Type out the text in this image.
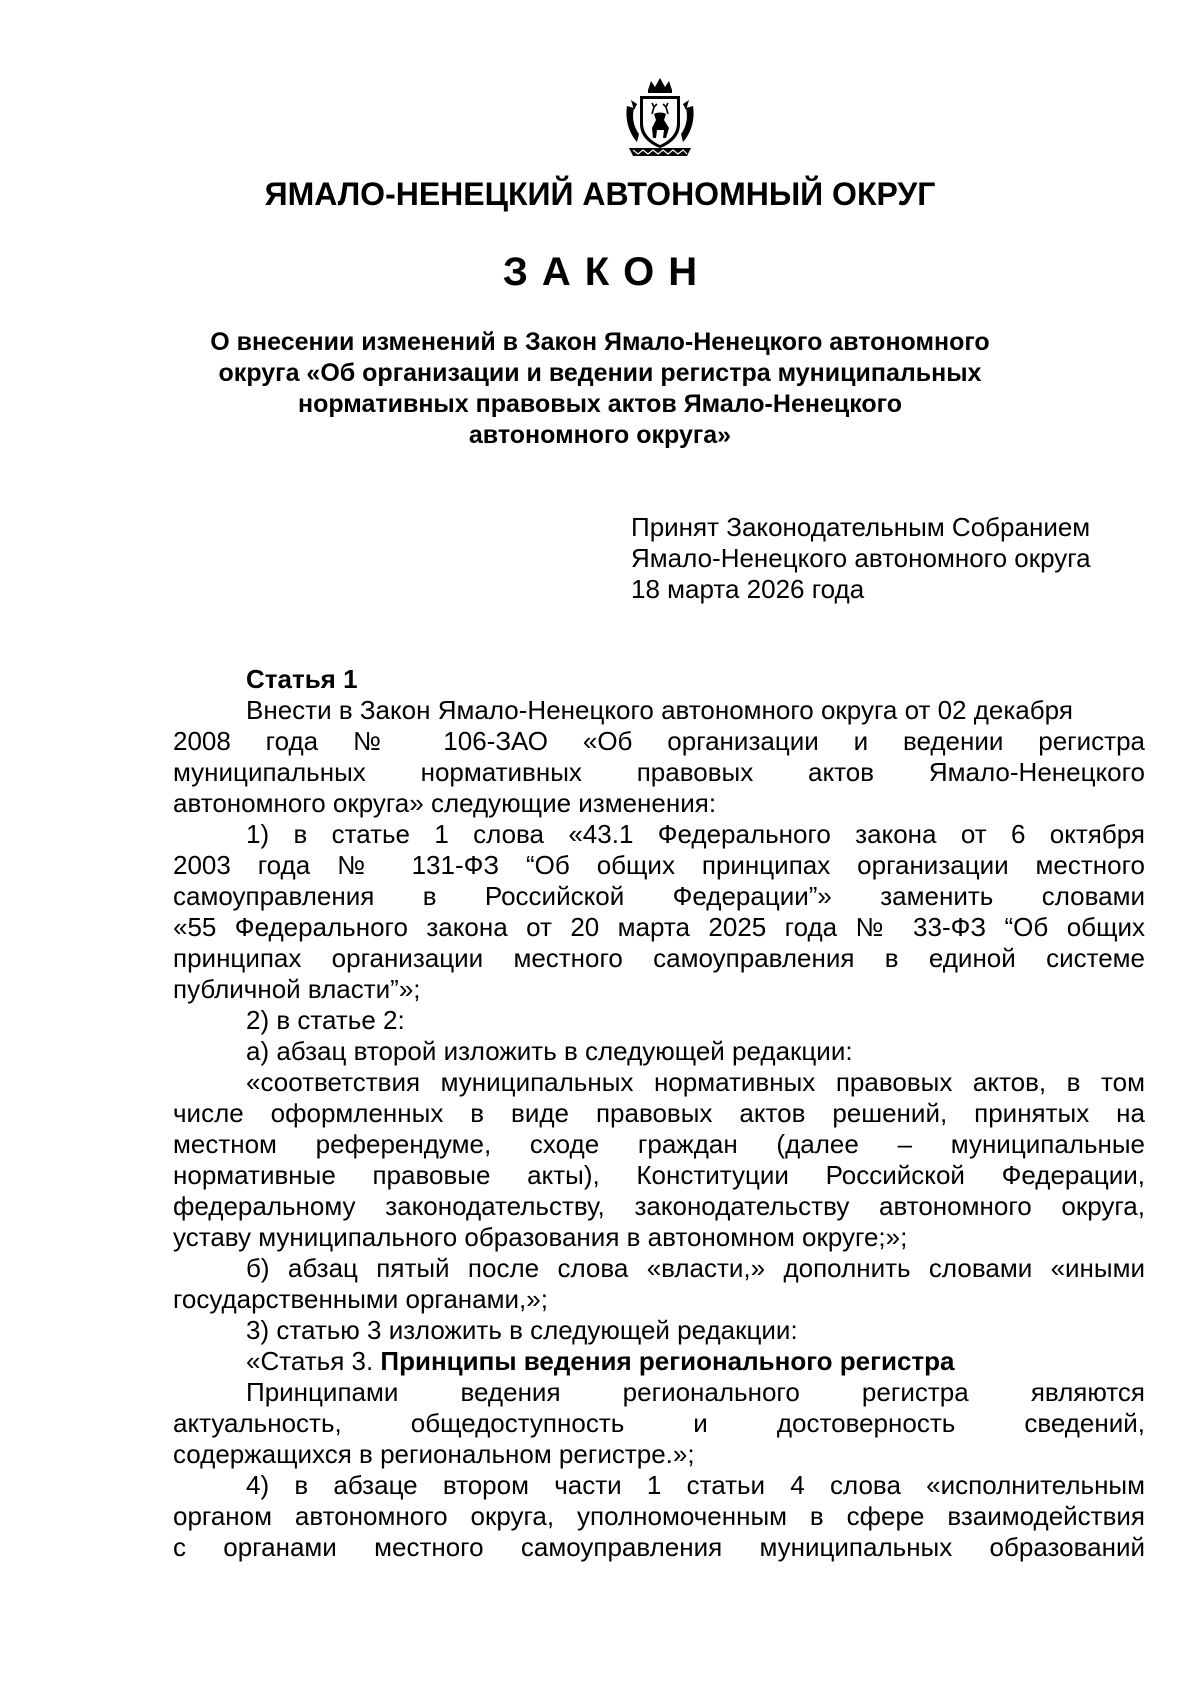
ЯМАЛО-НЕНЕЦКИЙ АВТОНОМНЫЙ ОКРУГ
ЗАКОН
О внесении изменений в Закон Ямало-Ненецкого автономного
округа «Об организации и ведении регистра муниципальных
нормативных правовых актов Ямало-Ненецкого
автономного округа»
Принят Законодательным Собранием
Ямало-Ненецкого автономного округа
18 марта 2026 года
Статья 1
Внести в Закон Ямало-Ненецкого автономного округа от 02 декабря
2008 года № 106-ЗАО «Об организации и ведении регистра
муниципальных нормативных правовых актов Ямало-Ненецкого
автономного округа» следующие изменения:
1) в статье 1 слова «43.1 Федерального закона от 6 октября
2003 года № 131-ФЗ “Об общих принципах организации местного
самоуправления в Российской Федерации”» заменить словами
«55 Федерального закона от 20 марта 2025 года № 33-ФЗ “Об общих
принципах организации местного самоуправления в единой системе
публичной власти”»;
2) в статье 2:
а) абзац второй изложить в следующей редакции:
«соответствия муниципальных нормативных правовых актов, в том
числе оформленных в виде правовых актов решений, принятых на
местном референдуме, сходе граждан (далее – муниципальные
нормативные правовые акты), Конституции Российской Федерации,
федеральному законодательству, законодательству автономного округа,
уставу муниципального образования в автономном округе;»;
б) абзац пятый после слова «власти,» дополнить словами «иными
государственными органами,»;
3) статью 3 изложить в следующей редакции:
«Статья 3. Принципы ведения регионального регистра
Принципами ведения регионального регистра являются
актуальность, общедоступность и достоверность сведений,
содержащихся в региональном регистре.»;
4) в абзаце втором части 1 статьи 4 слова «исполнительным
органом автономного округа, уполномоченным в сфере взаимодействия
с органами местного самоуправления муниципальных образований
